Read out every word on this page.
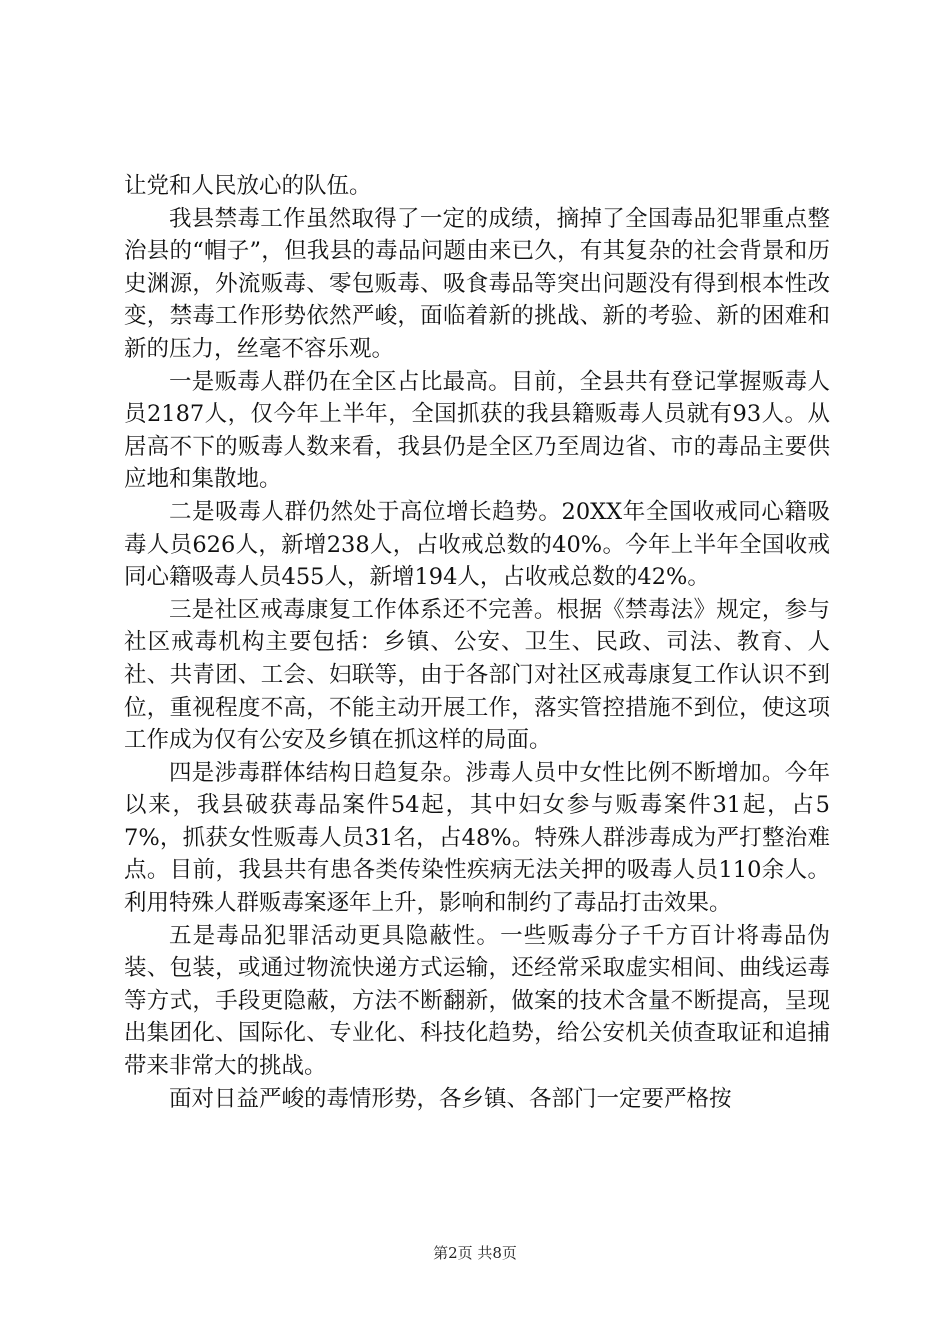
让党和人民放心的队伍。

我县禁毒工作虽然取得了一定的成绩，摘掉了全国毒品犯罪重点整治县的“帽子”，但我县的毒品问题由来已久，有其复杂的社会背景和历史渊源，外流贩毒、零包贩毒、吸食毒品等突出问题没有得到根本性改变，禁毒工作形势依然严峻，面临着新的挑战、新的考验、新的困难和新的压力，丝毫不容乐观。

一是贩毒人群仍在全区占比最高。目前，全县共有登记掌握贩毒人员2187人，仅今年上半年，全国抓获的我县籍贩毒人员就有93人。从居高不下的贩毒人数来看，我县仍是全区乃至周边省、市的毒品主要供应地和集散地。

二是吸毒人群仍然处于高位增长趋势。20XX年全国收戒同心籍吸毒人员626人，新增238人，占收戒总数的40%。今年上半年全国收戒同心籍吸毒人员455人，新增194人，占收戒总数的42%。

三是社区戒毒康复工作体系还不完善。根据《禁毒法》规定，参与社区戒毒机构主要包括：乡镇、公安、卫生、民政、司法、教育、人社、共青团、工会、妇联等，由于各部门对社区戒毒康复工作认识不到位，重视程度不高，不能主动开展工作，落实管控措施不到位，使这项工作成为仅有公安及乡镇在抓这样的局面。

四是涉毒群体结构日趋复杂。涉毒人员中女性比例不断增加。今年以来，我县破获毒品案件54起，其中妇女参与贩毒案件31起，占57%，抓获女性贩毒人员31名，占48%。特殊人群涉毒成为严打整治难点。目前，我县共有患各类传染性疾病无法关押的吸毒人员110余人。利用特殊人群贩毒案逐年上升，影响和制约了毒品打击效果。

五是毒品犯罪活动更具隐蔽性。一些贩毒分子千方百计将毒品伪装、包装，或通过物流快递方式运输，还经常采取虚实相间、曲线运毒等方式，手段更隐蔽，方法不断翻新，做案的技术含量不断提高，呈现出集团化、国际化、专业化、科技化趋势，给公安机关侦查取证和追捕带来非常大的挑战。

面对日益严峻的毒情形势，各乡镇、各部门一定要严格按

第2页 共8页
